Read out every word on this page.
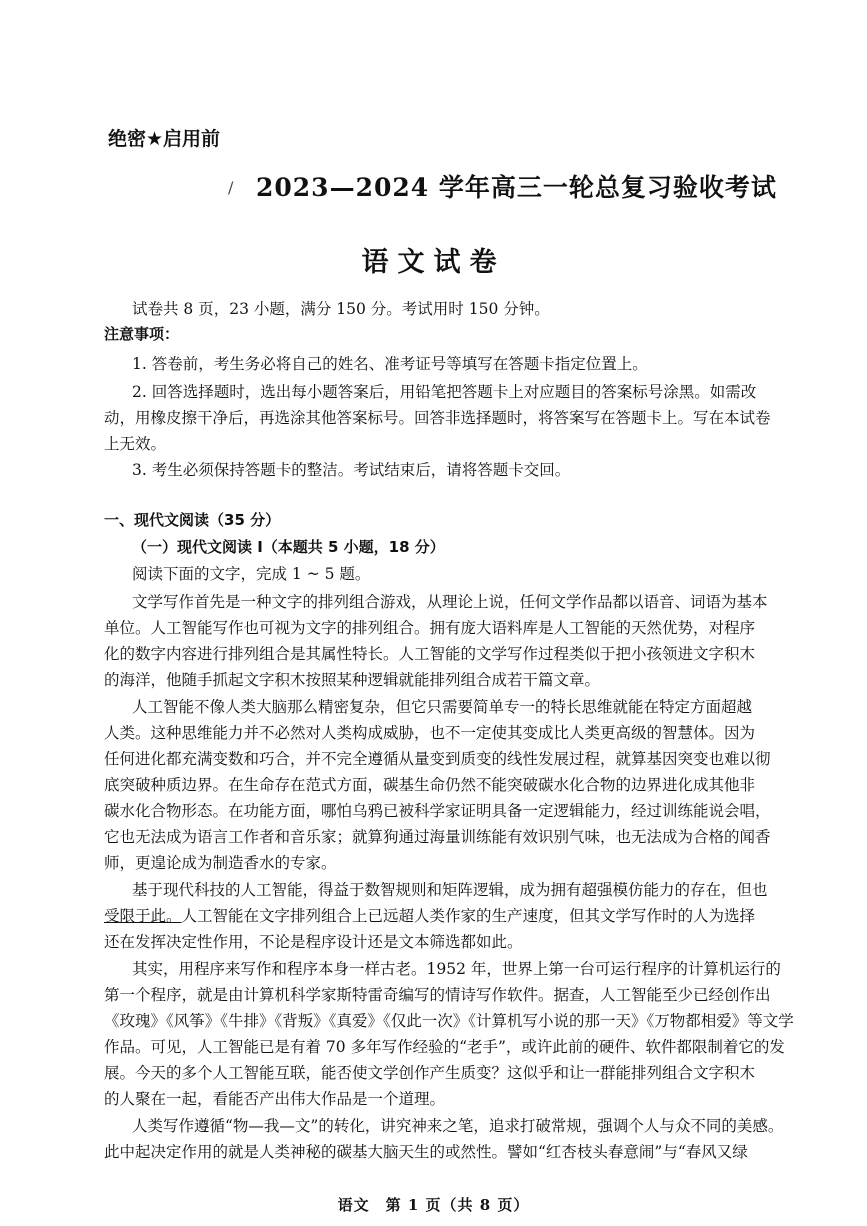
绝密★启用前
/ 2023—2024 学年高三一轮总复习验收考试
语文试卷
试卷共 8 页，23 小题，满分 150 分。考试用时 150 分钟。
注意事项：
1. 答卷前，考生务必将自己的姓名、准考证号等填写在答题卡指定位置上。
2. 回答选择题时，选出每小题答案后，用铅笔把答题卡上对应题目的答案标号涂黑。如需改
动，用橡皮擦干净后，再选涂其他答案标号。回答非选择题时，将答案写在答题卡上。写在本试卷
上无效。
3. 考生必须保持答题卡的整洁。考试结束后，请将答题卡交回。
一、现代文阅读（35 分）
（一）现代文阅读 I（本题共 5 小题，18 分）
阅读下面的文字，完成 1 ~ 5 题。
文学写作首先是一种文字的排列组合游戏，从理论上说，任何文学作品都以语音、词语为基本
单位。人工智能写作也可视为文字的排列组合。拥有庞大语料库是人工智能的天然优势，对程序
化的数字内容进行排列组合是其属性特长。人工智能的文学写作过程类似于把小孩领进文字积木
的海洋，他随手抓起文字积木按照某种逻辑就能排列组合成若干篇文章。
人工智能不像人类大脑那么精密复杂，但它只需要简单专一的特长思维就能在特定方面超越
人类。这种思维能力并不必然对人类构成威胁，也不一定使其变成比人类更高级的智慧体。因为
任何进化都充满变数和巧合，并不完全遵循从量变到质变的线性发展过程，就算基因突变也难以彻
底突破种质边界。在生命存在范式方面，碳基生命仍然不能突破碳水化合物的边界进化成其他非
碳水化合物形态。在功能方面，哪怕乌鸦已被科学家证明具备一定逻辑能力，经过训练能说会唱，
它也无法成为语言工作者和音乐家；就算狗通过海量训练能有效识别气味，也无法成为合格的闻香
师，更遑论成为制造香水的专家。
基于现代科技的人工智能，得益于数智规则和矩阵逻辑，成为拥有超强模仿能力的存在，但也
受限于此。人工智能在文字排列组合上已远超人类作家的生产速度，但其文学写作时的人为选择
还在发挥决定性作用，不论是程序设计还是文本筛选都如此。
其实，用程序来写作和程序本身一样古老。1952 年，世界上第一台可运行程序的计算机运行的
第一个程序，就是由计算机科学家斯特雷奇编写的情诗写作软件。据查，人工智能至少已经创作出
《玫瑰》《风筝》《牛排》《背叛》《真爱》《仅此一次》《计算机写小说的那一天》《万物都相爱》等文学
作品。可见，人工智能已是有着 70 多年写作经验的“老手”，或许此前的硬件、软件都限制着它的发
展。今天的多个人工智能互联，能否使文学创作产生质变？这似乎和让一群能排列组合文字积木
的人聚在一起，看能否产出伟大作品是一个道理。
人类写作遵循“物—我—文”的转化，讲究神来之笔，追求打破常规，强调个人与众不同的美感。
此中起决定作用的就是人类神秘的碳基大脑天生的或然性。譬如“红杏枝头春意闹”与“春风又绿
语文　第 1 页（共 8 页）
